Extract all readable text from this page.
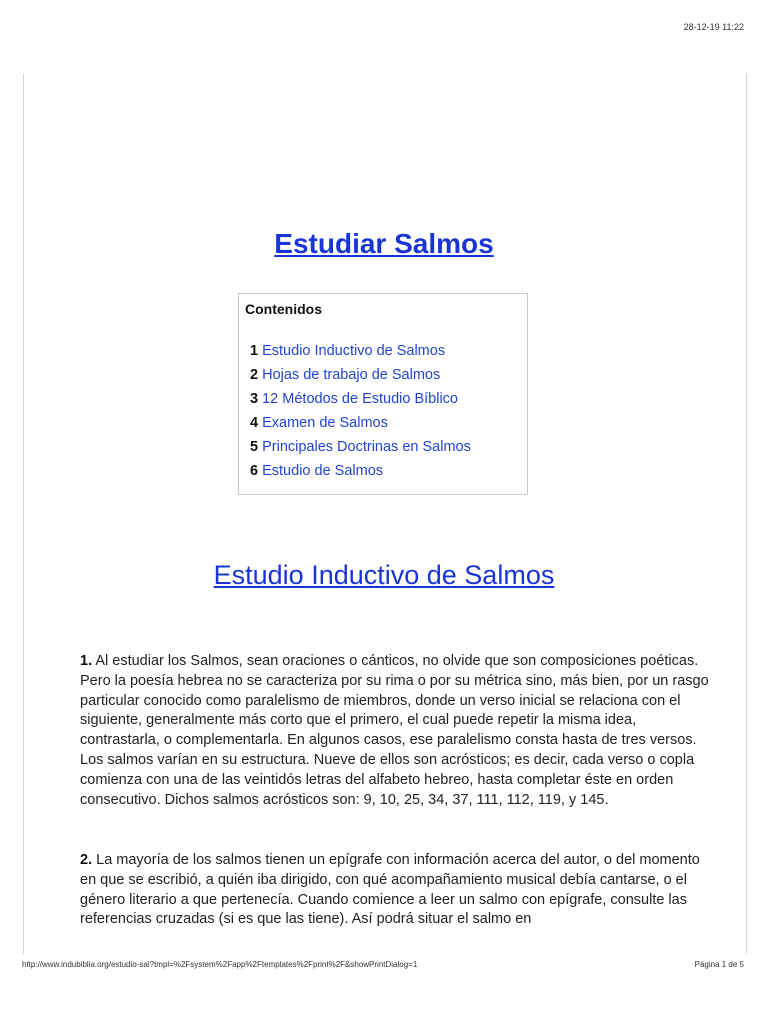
28-12-19 11:22
Estudiar Salmos

Contenidos

1 Estudio Inductivo de Salmos
2 Hojas de trabajo de Salmos
3 12 Métodos de Estudio Bíblico
4 Examen de Salmos
5 Principales Doctrinas en Salmos
6 Estudio de Salmos
Estudio Inductivo de Salmos

1. Al estudiar los Salmos, sean oraciones o cánticos, no olvide que son composiciones poéticas. Pero la poesía hebrea no se caracteriza por su rima o por su métrica sino, más bien, por un rasgo particular conocido como paralelismo de miembros, donde un verso inicial se relaciona con el siguiente, generalmente más corto que el primero, el cual puede repetir la misma idea, contrastarla, o complementarla. En algunos casos, ese paralelismo consta hasta de tres versos. Los salmos varían en su estructura. Nueve de ellos son acrósticos; es decir, cada verso o copla comienza con una de las veintidós letras del alfabeto hebreo, hasta completar éste en orden consecutivo. Dichos salmos acrósticos son: 9, 10, 25, 34, 37, 111, 112, 119, y 145.

2. La mayoría de los salmos tienen un epígrafe con información acerca del autor, o del momento en que se escribió, a quién iba dirigido, con qué acompañamiento musical debía cantarse, o el género literario a que pertenecía. Cuando comience a leer un salmo con epígrafe, consulte las referencias cruzadas (si es que las tiene). Así podrá situar el salmo en

http://www.indubiblia.org/estudio-sal?tmpl=%2Fsystem%2Fapp%2Ftemplates%2Fprint%2F&showPrintDialog=1	Página 1 de 5
